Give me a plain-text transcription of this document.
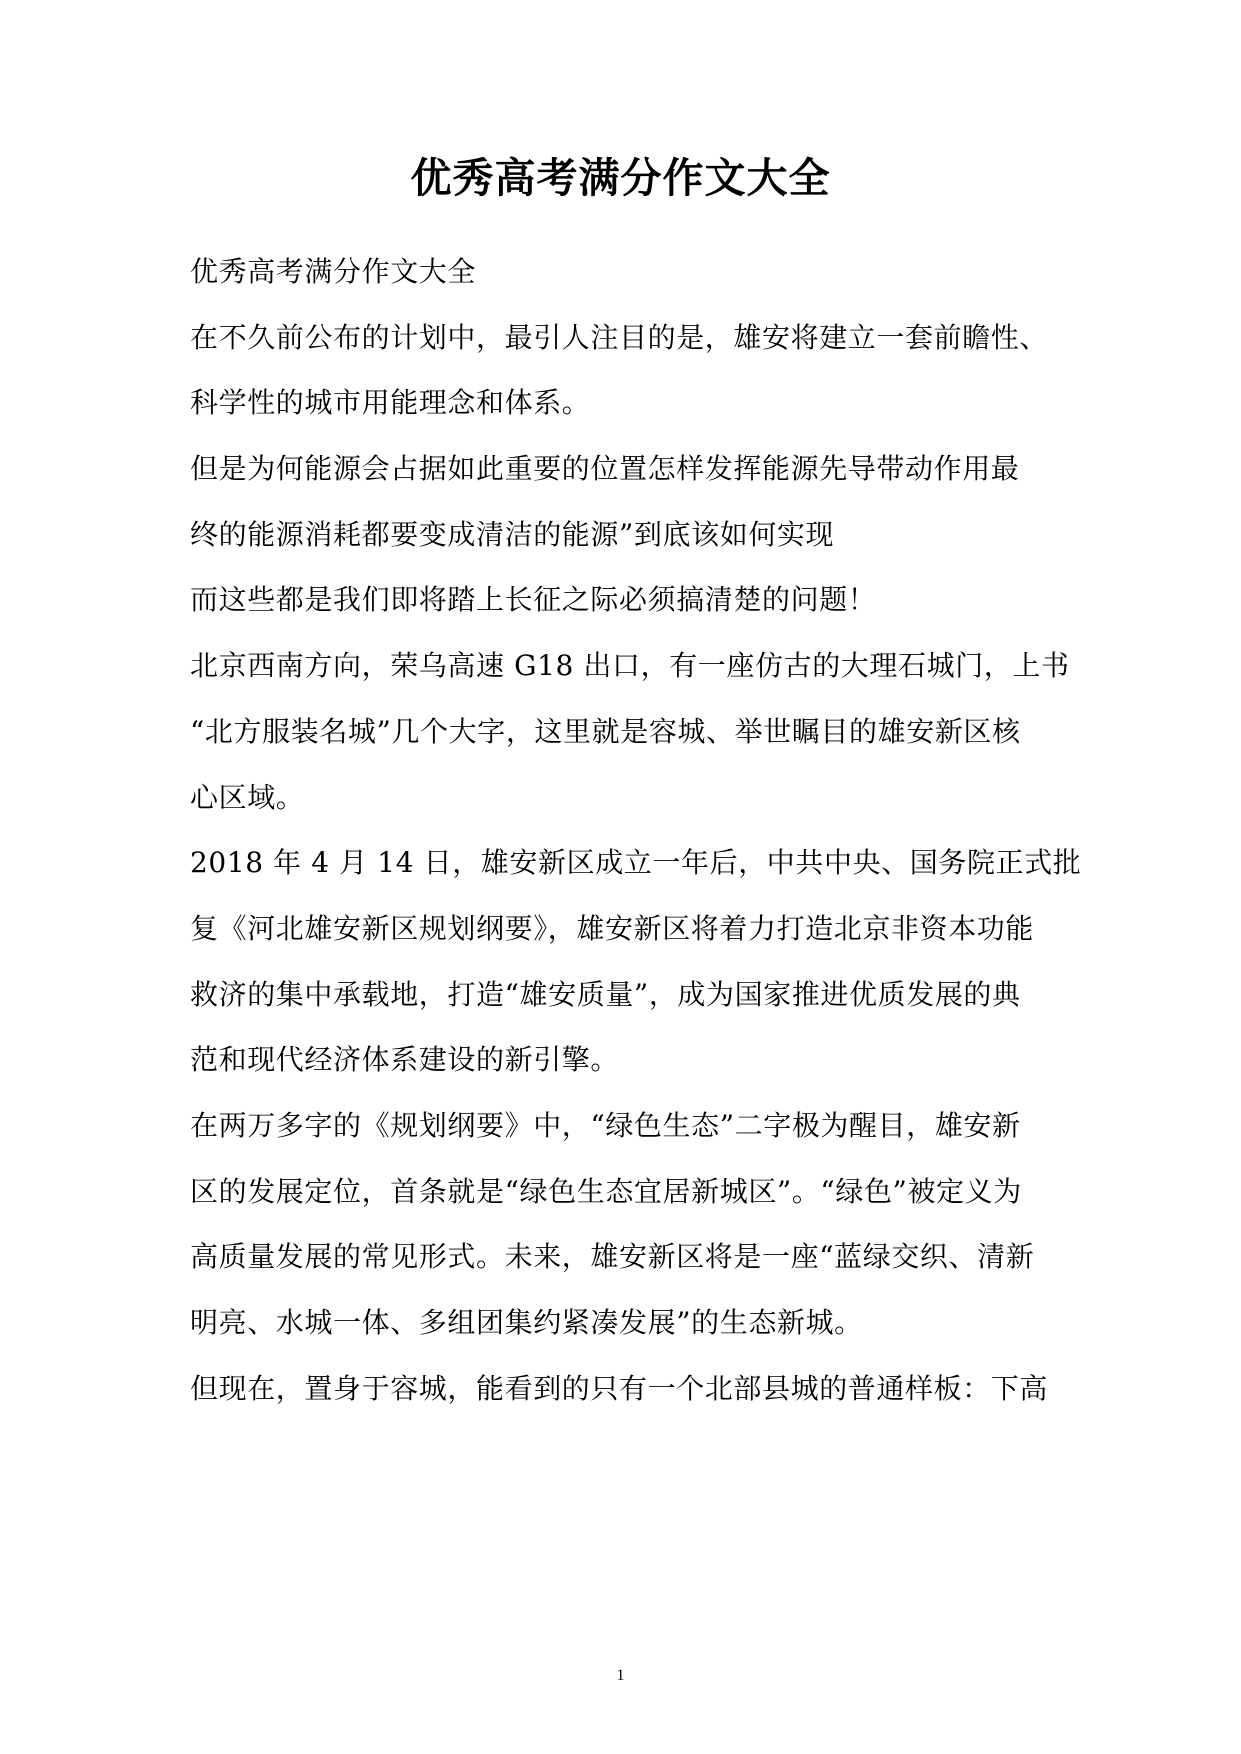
优秀高考满分作文大全
优秀高考满分作文大全
在不久前公布的计划中，最引人注目的是，雄安将建立一套前瞻性、
科学性的城市用能理念和体系。
但是为何能源会占据如此重要的位置怎样发挥能源先导带动作用最
终的能源消耗都要变成清洁的能源”到底该如何实现
而这些都是我们即将踏上长征之际必须搞清楚的问题！
北京西南方向，荣乌高速 G18 出口，有一座仿古的大理石城门，上书
“北方服装名城”几个大字，这里就是容城、举世瞩目的雄安新区核
心区域。
2018 年 4 月 14 日，雄安新区成立一年后，中共中央、国务院正式批
复《河北雄安新区规划纲要》，雄安新区将着力打造北京非资本功能
救济的集中承载地，打造“雄安质量”，成为国家推进优质发展的典
范和现代经济体系建设的新引擎。
在两万多字的《规划纲要》中，“绿色生态”二字极为醒目，雄安新
区的发展定位，首条就是“绿色生态宜居新城区”。“绿色”被定义为
高质量发展的常见形式。未来，雄安新区将是一座“蓝绿交织、清新
明亮、水城一体、多组团集约紧凑发展”的生态新城。
但现在，置身于容城，能看到的只有一个北部县城的普通样板：下高
1
